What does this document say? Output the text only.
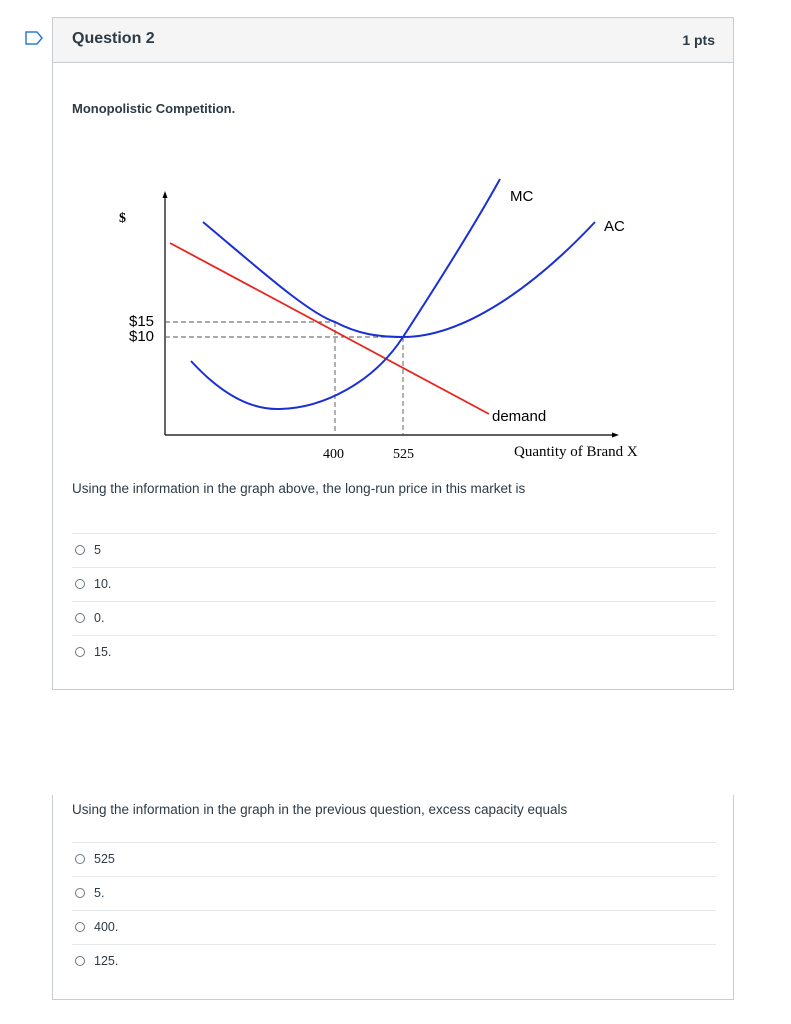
Question 2	1 pts
Monopolistic Competition.
$
$15
$10
400	525	Quantity of Brand X
MC
AC
demand
Using the information in the graph above, the long-run price in this market is
5
10.
0.
15.
Using the information in the graph in the previous question, excess capacity equals
525
5.
400.
125.
